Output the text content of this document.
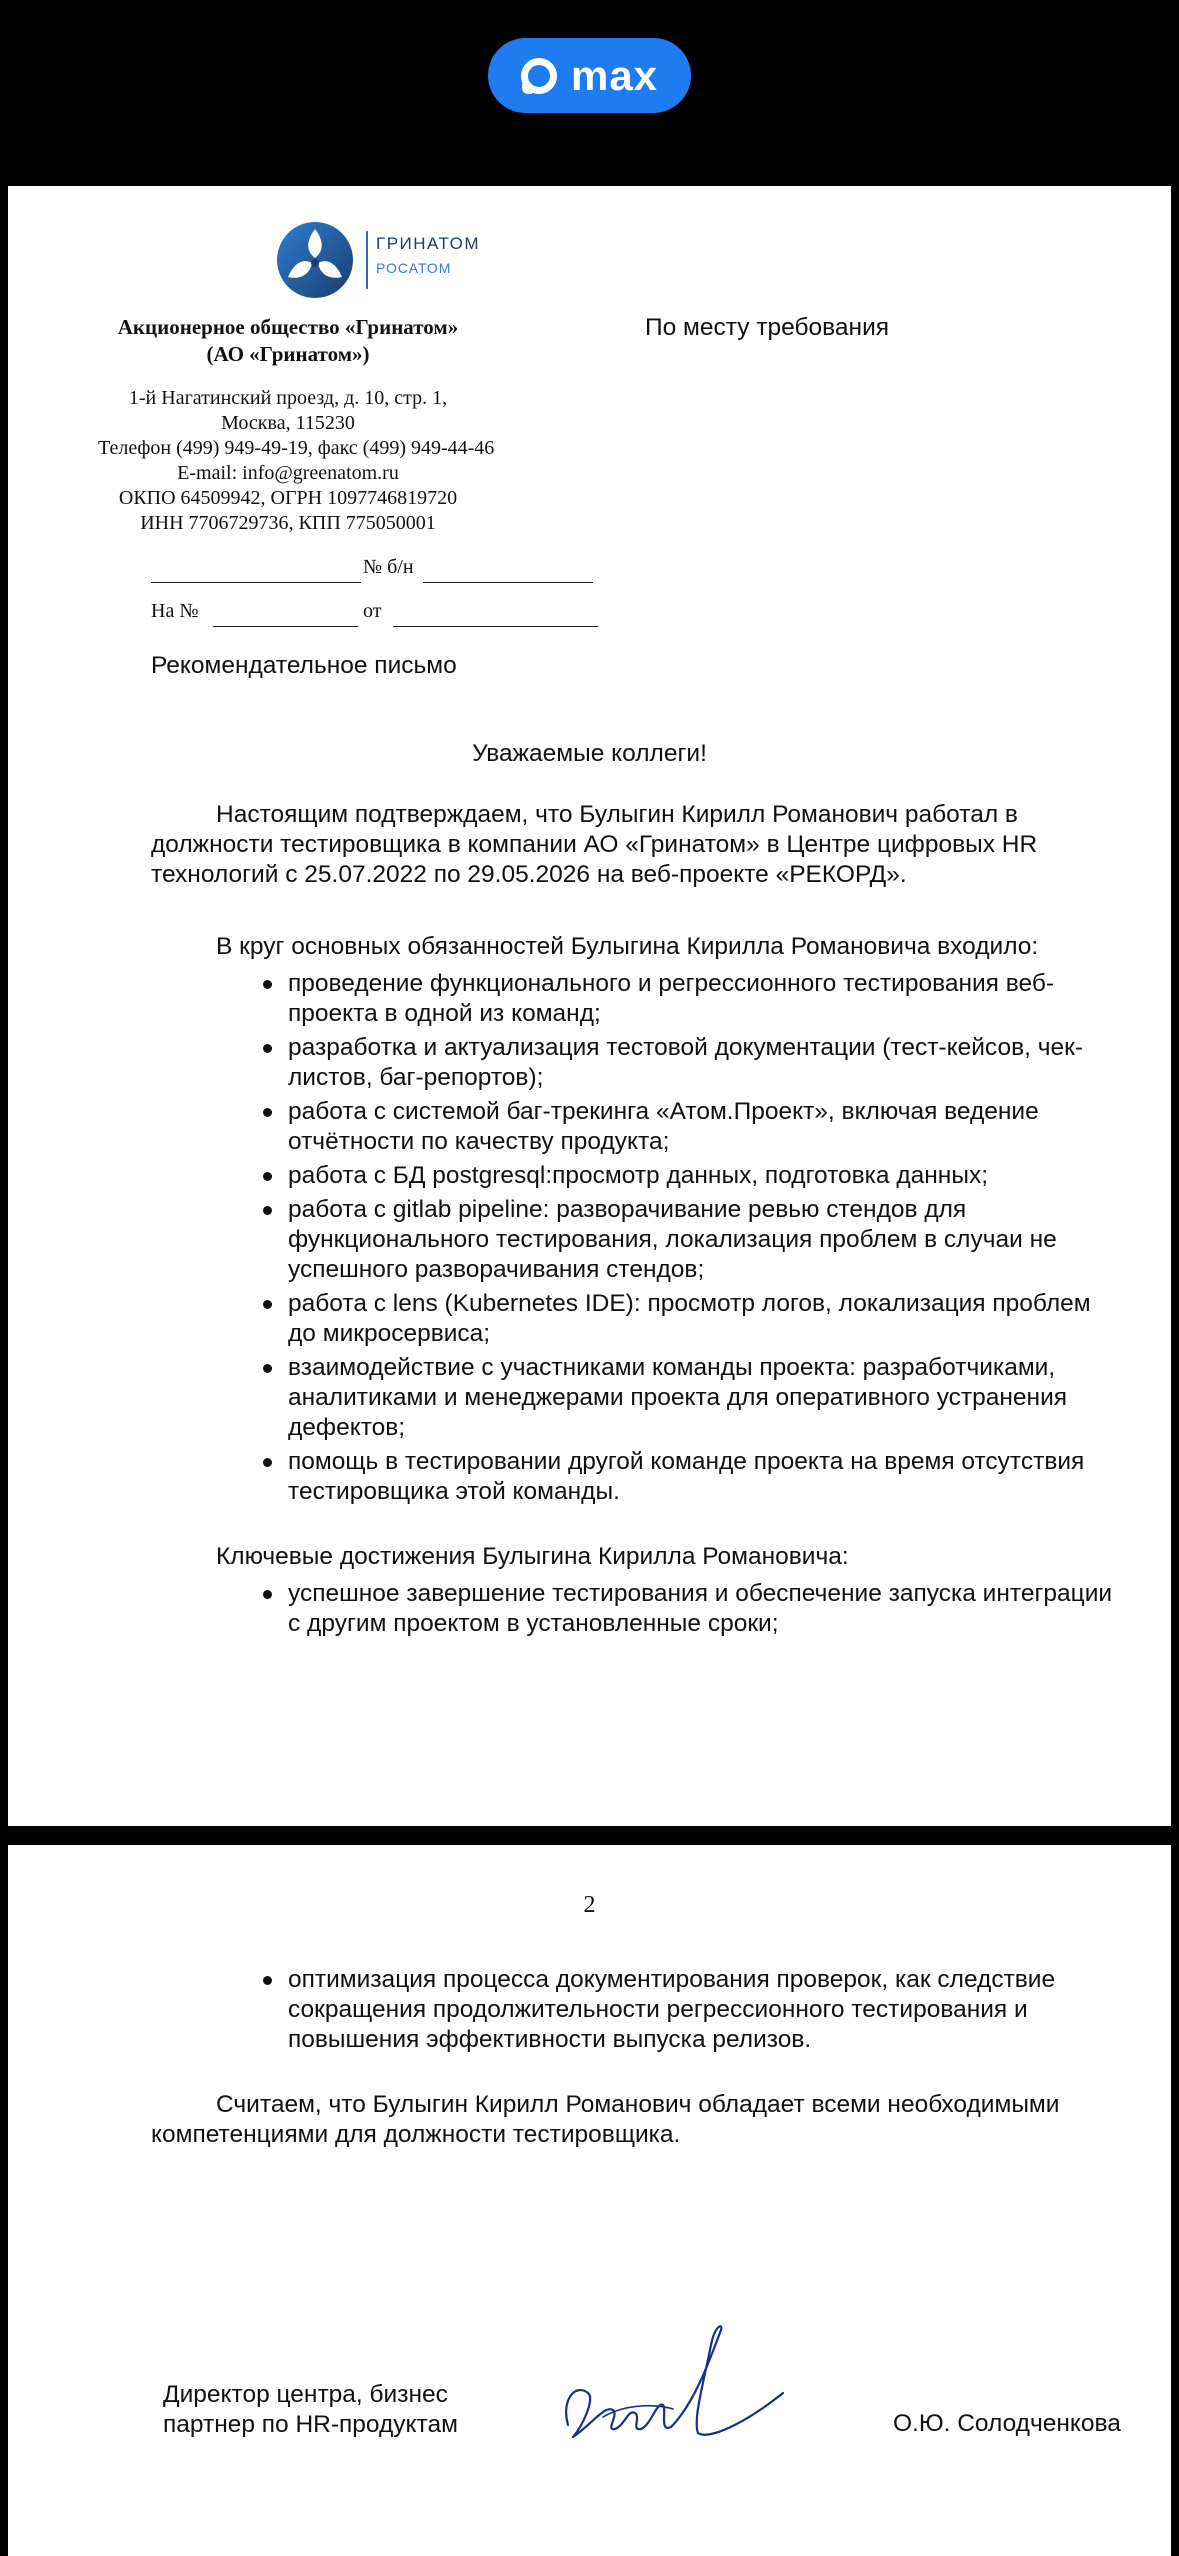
max
ГРИНАТОМ
РОСАТОМ
Акционерное общество «Гринатом»
(АО «Гринатом»)
По месту требования
1-й Нагатинский проезд, д. 10, стр. 1,
Москва, 115230
Телефон (499) 949-49-19, факс (499) 949-44-46
E-mail: info@greenatom.ru
ОКПО 64509942, ОГРН 1097746819720
ИНН 7706729736, КПП 775050001
№ б/н
На №	от
Рекомендательное письмо
Уважаемые коллеги!
Настоящим подтверждаем, что Булыгин Кирилл Романович работал в
должности тестировщика в компании АО «Гринатом» в Центре цифровых HR
технологий с 25.07.2022 по 29.05.2026 на веб-проекте «РЕКОРД».
В круг основных обязанностей Булыгина Кирилла Романовича входило:
проведение функционального и регрессионного тестирования веб-
проекта в одной из команд;
разработка и актуализация тестовой документации (тест-кейсов, чек-
листов, баг-репортов);
работа с системой баг-трекинга «Атом.Проект», включая ведение
отчётности по качеству продукта;
работа с БД postgresql:просмотр данных, подготовка данных;
работа с gitlab pipeline: разворачивание ревью стендов для
функционального тестирования, локализация проблем в случаи не
успешного разворачивания стендов;
работа с lens (Kubernetes IDE): просмотр логов, локализация проблем
до микросервиса;
взаимодействие с участниками команды проекта: разработчиками,
аналитиками и менеджерами проекта для оперативного устранения
дефектов;
помощь в тестировании другой команде проекта на время отсутствия
тестировщика этой команды.
Ключевые достижения Булыгина Кирилла Романовича:
успешное завершение тестирования и обеспечение запуска интеграции
с другим проектом в установленные сроки;
2
оптимизация процесса документирования проверок, как следствие
сокращения продолжительности регрессионного тестирования и
повышения эффективности выпуска релизов.
Считаем, что Булыгин Кирилл Романович обладает всеми необходимыми
компетенциями для должности тестировщика.
Директор центра, бизнес
партнер по HR-продуктам	О.Ю. Солодченкова
